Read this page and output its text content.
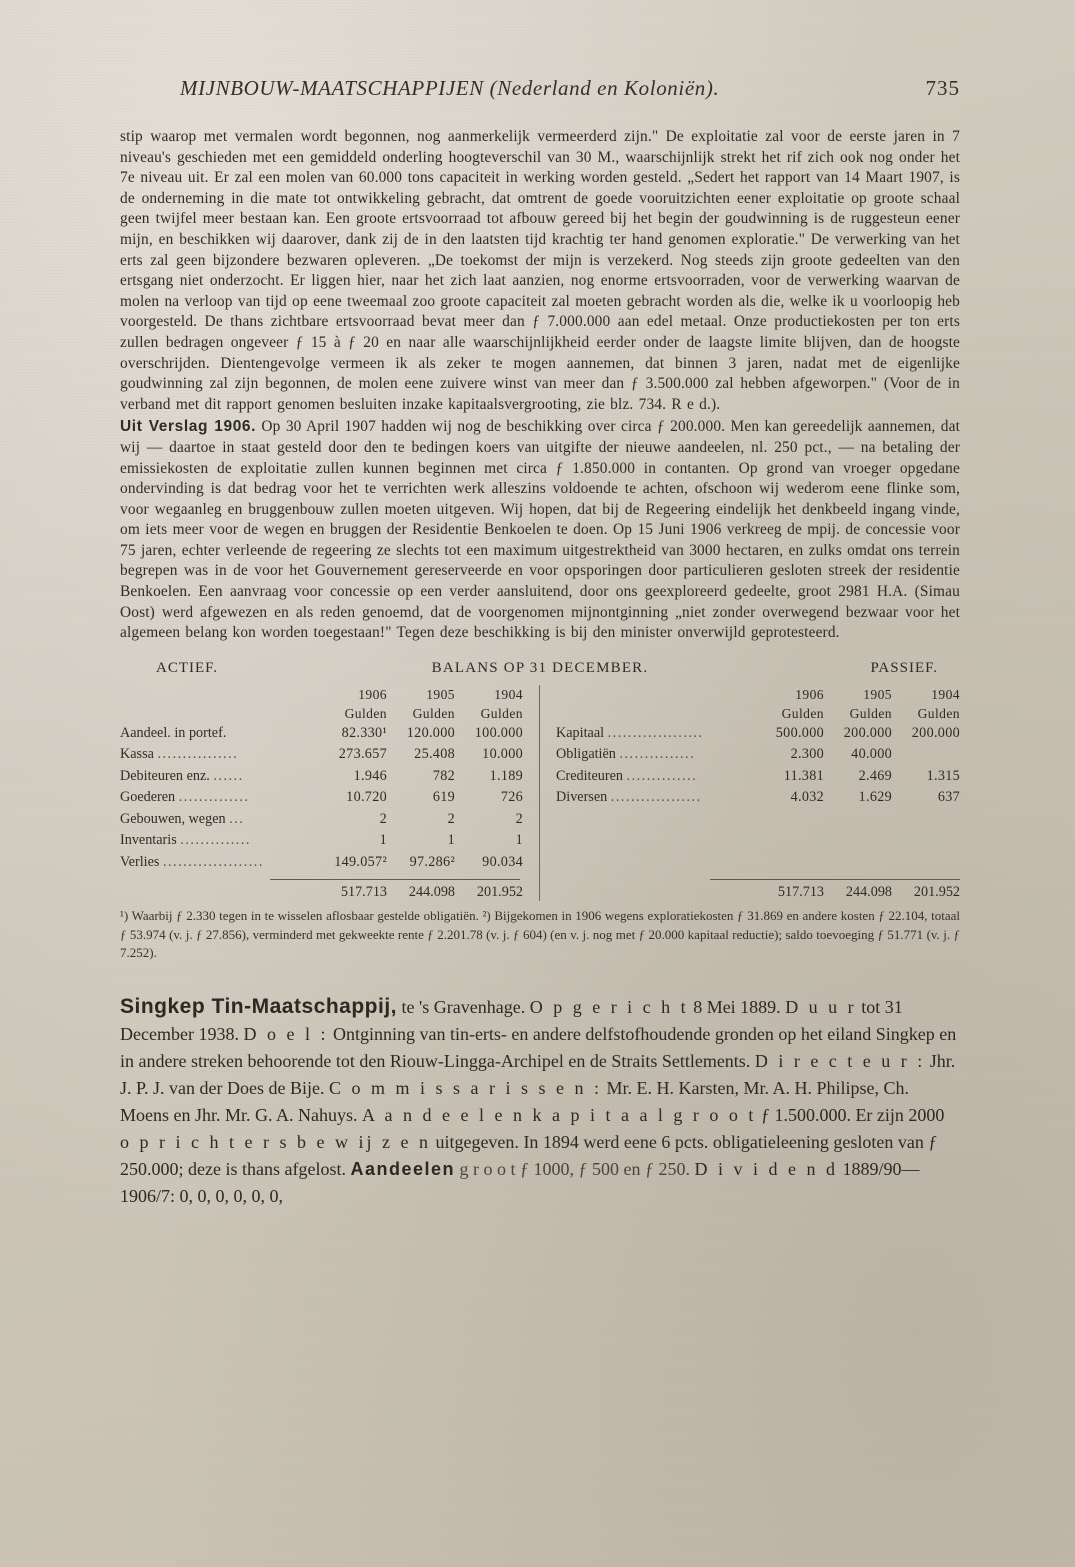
MIJNBOUW-MAATSCHAPPIJEN (Nederland en Koloniën).	735

stip waarop met vermalen wordt begonnen, nog aanmerkelijk vermeerderd zijn." De exploitatie zal voor de eerste jaren in 7 niveau's geschieden met een gemiddeld onderling hoogteverschil van 30 M., waarschijnlijk strekt het rif zich ook nog onder het 7e niveau uit. Er zal een molen van 60.000 tons capaciteit in werking worden gesteld. „Sedert het rapport van 14 Maart 1907, is de onderneming in die mate tot ontwikkeling gebracht, dat omtrent de goede vooruitzichten eener exploitatie op groote schaal geen twijfel meer bestaan kan. Een groote ertsvoorraad tot afbouw gereed bij het begin der goudwinning is de ruggesteun eener mijn, en beschikken wij daarover, dank zij de in den laatsten tijd krachtig ter hand genomen exploratie." De verwerking van het erts zal geen bijzondere bezwaren opleveren. „De toekomst der mijn is verzekerd. Nog steeds zijn groote gedeelten van den ertsgang niet onderzocht. Er liggen hier, naar het zich laat aanzien, nog enorme ertsvoorraden, voor de verwerking waarvan de molen na verloop van tijd op eene tweemaal zoo groote capaciteit zal moeten gebracht worden als die, welke ik u voorloopig heb voorgesteld. De thans zichtbare ertsvoorraad bevat meer dan ƒ 7.000.000 aan edel metaal. Onze productiekosten per ton erts zullen bedragen ongeveer ƒ 15 à ƒ 20 en naar alle waarschijnlijkheid eerder onder de laagste limite blijven, dan de hoogste overschrijden. Dientengevolge vermeen ik als zeker te mogen aannemen, dat binnen 3 jaren, nadat met de eigenlijke goudwinning zal zijn begonnen, de molen eene zuivere winst van meer dan ƒ 3.500.000 zal hebben afgeworpen." (Voor de in verband met dit rapport genomen besluiten inzake kapitaalsvergrooting, zie blz. 734. R e d.).

Uit Verslag 1906. Op 30 April 1907 hadden wij nog de beschikking over circa ƒ 200.000. Men kan gereedelijk aannemen, dat wij — daartoe in staat gesteld door den te bedingen koers van uitgifte der nieuwe aandeelen, nl. 250 pct., — na betaling der emissiekosten de exploitatie zullen kunnen beginnen met circa ƒ 1.850.000 in contanten. Op grond van vroeger opgedane ondervinding is dat bedrag voor het te verrichten werk alleszins voldoende te achten, ofschoon wij wederom eene flinke som, voor wegaanleg en bruggenbouw zullen moeten uitgeven. Wij hopen, dat bij de Regeering eindelijk het denkbeeld ingang vinde, om iets meer voor de wegen en bruggen der Residentie Benkoelen te doen. Op 15 Juni 1906 verkreeg de mpij. de concessie voor 75 jaren, echter verleende de regeering ze slechts tot een maximum uitgestrektheid van 3000 hectaren, en zulks omdat ons terrein begrepen was in de voor het Gouvernement gereserveerde en voor opsporingen door particulieren gesloten streek der residentie Benkoelen. Een aanvraag voor concessie op een verder aansluitend, door ons geexploreerd gedeelte, groot 2981 H.A. (Simau Oost) werd afgewezen en als reden genoemd, dat de voorgenomen mijnontginning „niet zonder overwegend bezwaar voor het algemeen belang kon worden toegestaan!" Tegen deze beschikking is bij den minister onverwijld geprotesteerd.

ACTIEF.	PASSIEF.
BALANS OP 31 DECEMBER.
1906	1905	1904
Gulden	Gulden	Gulden
Aandeel. in portef.	82.330¹	120.000	100.000
Kassa ................	273.657	25.408	10.000
Debiteuren enz. ......	1.946	782	1.189
Goederen ..............	10.720	619	726
Gebouwen, wegen ...	2	2	2
Inventaris ..............	1	1	1
Verlies ....................	149.057²	97.286²	90.034
517.713	244.098	201.952
1906	1905	1904
Gulden	Gulden	Gulden
Kapitaal ...................	500.000	200.000	200.000
Obligatiën ...............	2.300	40.000
Crediteuren ..............	11.381	2.469	1.315
Diversen ..................	4.032	1.629	637
517.713	244.098	201.952
¹) Waarbij ƒ 2.330 tegen in te wisselen aflosbaar gestelde obligatiën. ²) Bijgekomen in 1906 wegens exploratiekosten ƒ 31.869 en andere kosten ƒ 22.104, totaal ƒ 53.974 (v. j. ƒ 27.856), verminderd met gekweekte rente ƒ 2.201.78 (v. j. ƒ 604) (en v. j. nog met ƒ 20.000 kapitaal reductie); saldo toevoeging ƒ 51.771 (v. j. ƒ 7.252).
Singkep Tin-Maatschappij, te 's Gravenhage. O p g e r i c h t 8 Mei 1889. D u u r tot 31 December 1938. D o e l : Ontginning van tin-erts- en andere delfstofhoudende gronden op het eiland Singkep en in andere streken behoorende tot den Riouw-Lingga-Archipel en de Straits Settlements. D i r e c t e u r : Jhr. J. P. J. van der Does de Bije. C o m m i s s a r i s s e n : Mr. E. H. Karsten, Mr. A. H. Philipse, Ch. Moens en Jhr. Mr. G. A. Nahuys. A a n d e e l e n k a p i t a a l g r o o t ƒ 1.500.000. Er zijn 2000 o p r i c h t e r s b e w ij z e n uitgegeven. In 1894 werd eene 6 pcts. obligatieleening gesloten van ƒ 250.000; deze is thans afgelost. Aandeelen g r o o t ƒ 1000, ƒ 500 en ƒ 250. D i v i d e n d 1889/90—1906/7: 0, 0, 0, 0, 0, 0,
